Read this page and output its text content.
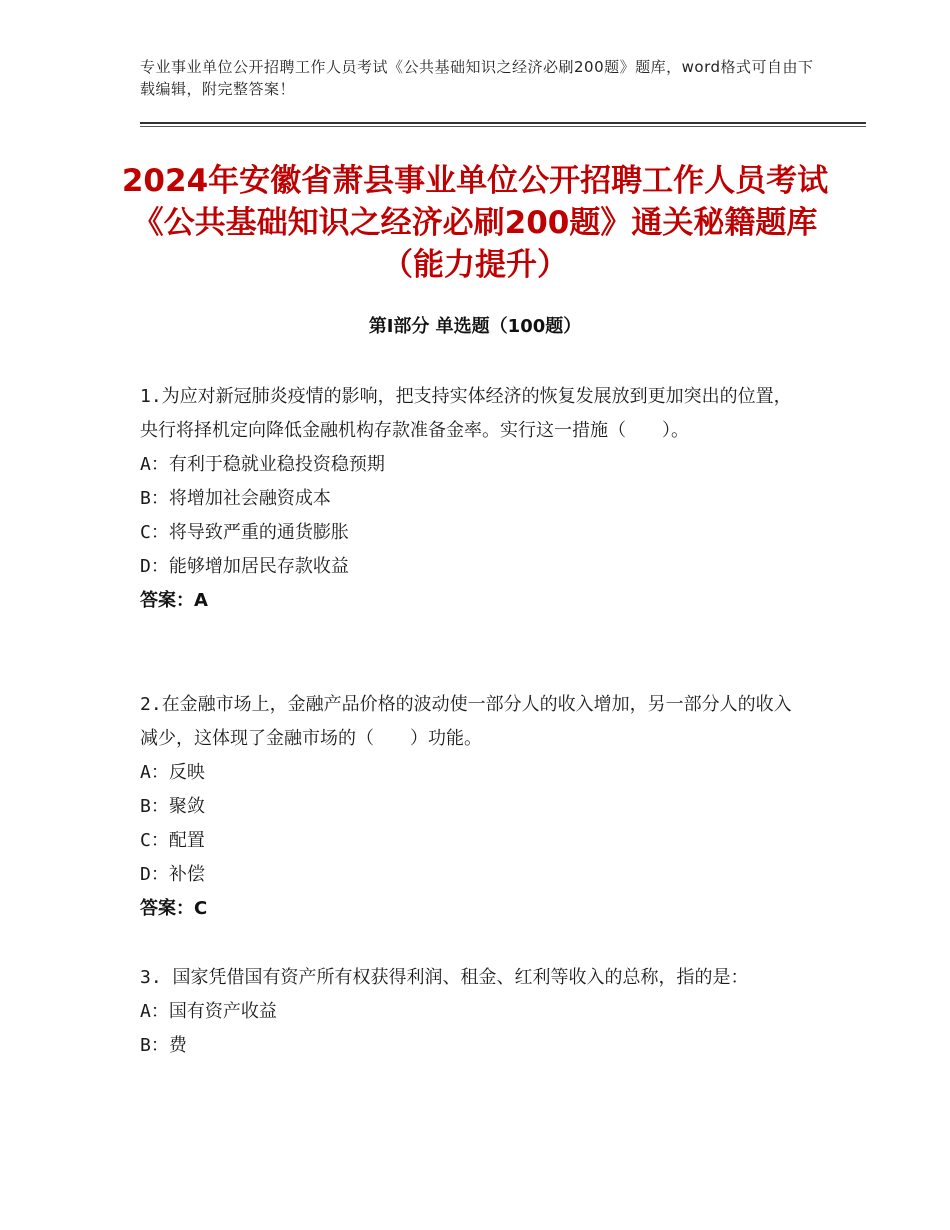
专业事业单位公开招聘工作人员考试《公共基础知识之经济必刷200题》题库，word格式可自由下载编辑，附完整答案！
2024年安徽省萧县事业单位公开招聘工作人员考试《公共基础知识之经济必刷200题》通关秘籍题库（能力提升）
第Ⅰ部分 单选题（100题）

1.为应对新冠肺炎疫情的影响，把支持实体经济的恢复发展放到更加突出的位置，央行将择机定向降低金融机构存款准备金率。实行这一措施（　　）。

A：有利于稳就业稳投资稳预期

B：将增加社会融资成本

C：将导致严重的通货膨胀

D：能够增加居民存款收益

答案：A

2.在金融市场上，金融产品价格的波动使一部分人的收入增加，另一部分人的收入减少，这体现了金融市场的（　　）功能。

A：反映

B：聚敛

C：配置

D：补偿

答案：C

3. 国家凭借国有资产所有权获得利润、租金、红利等收入的总称，指的是：

A：国有资产收益

B：费
